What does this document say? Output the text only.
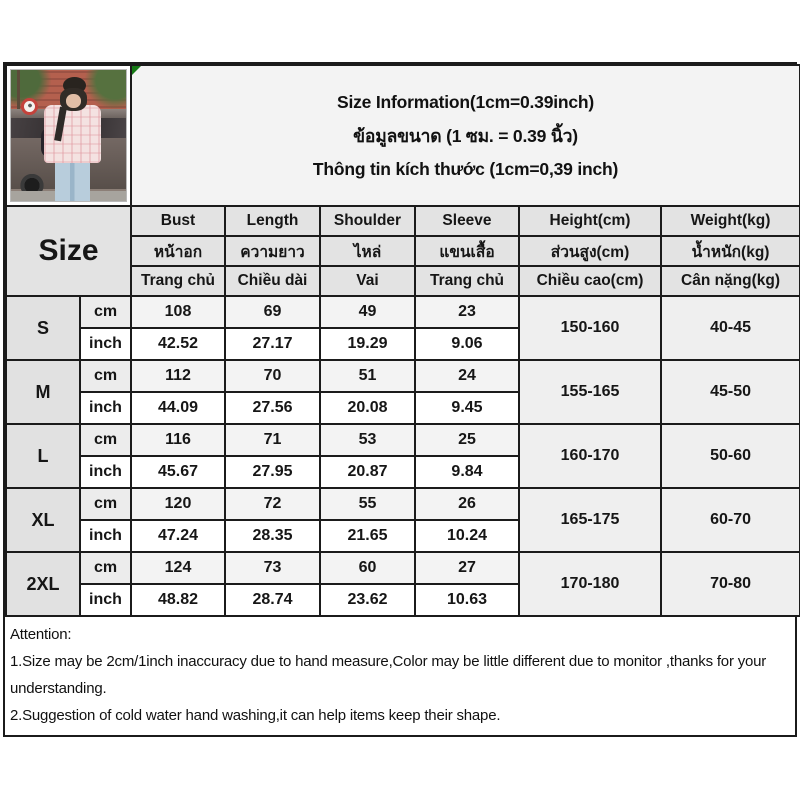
		Size Information(1cm=0.39inch)
ข้อมูลขนาด (1 ซม. = 0.39 นิ้ว)
Thông tin kích thước (1cm=0,39 inch)					

Size		Bust	Length	Shoulder	Sleeve	Height(cm)	Weight(kg)
		หน้าอก	ความยาว	ไหล่	แขนเสื้อ	ส่วนสูง(cm)	น้ำหนัก(kg)
		Trang chủ	Chiều dài	Vai	Trang chủ	Chiều cao(cm)	Cân nặng(kg)
S	cm	108	69	49	23	150-160	40-45
	inch	42.52	27.17	19.29	9.06		
M	cm	112	70	51	24	155-165	45-50
	inch	44.09	27.56	20.08	9.45		
L	cm	116	71	53	25	160-170	50-60
	inch	45.67	27.95	20.87	9.84		
XL	cm	120	72	55	26	165-175	60-70
	inch	47.24	28.35	21.65	10.24		
2XL	cm	124	73	60	27	170-180	70-80
	inch	48.82	28.74	23.62	10.63		
Attention:
1.Size may be 2cm/1inch inaccuracy due to hand measure,Color may be little different due to monitor ,thanks for your understanding.
2.Suggestion of cold water hand washing,it can help items keep their shape.
